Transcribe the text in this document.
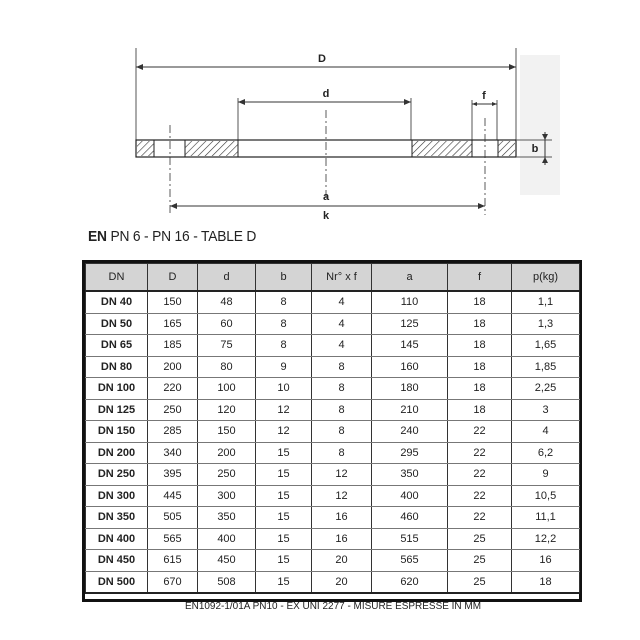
D
d	f
b
a
k
EN PN 6 - PN 16 - TABLE D
DN	D	d	b	Nr° x f	a	f	p(kg)
DN 40	150	48	8	4	110	18	1,1
DN 50	165	60	8	4	125	18	1,3
DN 65	185	75	8	4	145	18	1,65
DN 80	200	80	9	8	160	18	1,85
DN 100	220	100	10	8	180	18	2,25
DN 125	250	120	12	8	210	18	3
DN 150	285	150	12	8	240	22	4
DN 200	340	200	15	8	295	22	6,2
DN 250	395	250	15	12	350	22	9
DN 300	445	300	15	12	400	22	10,5
DN 350	505	350	15	16	460	22	11,1
DN 400	565	400	15	16	515	25	12,2
DN 450	615	450	15	20	565	25	16
DN 500	670	508	15	20	620	25	18
EN1092-1/01A PN10 - EX UNI 2277 - MISURE ESPRESSE IN MM							
